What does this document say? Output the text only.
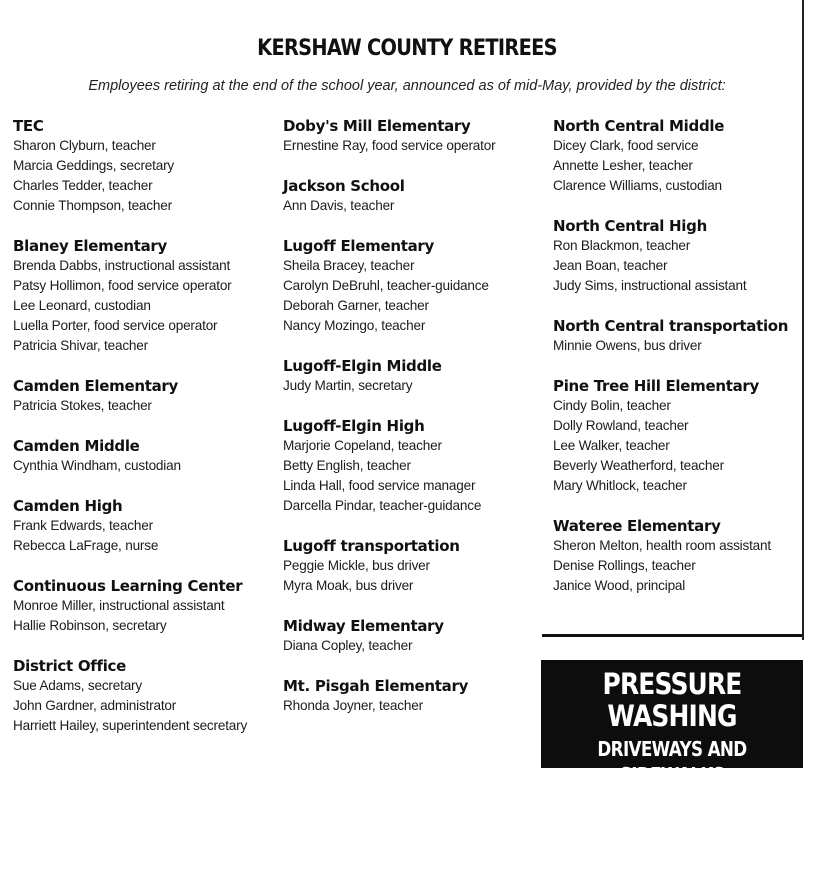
KERSHAW COUNTY RETIREES
Employees retiring at the end of the school year, announced as of mid-May, provided by the district:
TEC
Sharon Clyburn, teacher
Marcia Geddings, secretary
Charles Tedder, teacher
Connie Thompson, teacher
Blaney Elementary
Brenda Dabbs, instructional assistant
Patsy Hollimon, food service operator
Lee Leonard, custodian
Luella Porter, food service operator
Patricia Shivar, teacher
Camden Elementary
Patricia Stokes, teacher
Camden Middle
Cynthia Windham, custodian
Camden High
Frank Edwards, teacher
Rebecca LaFrage, nurse
Continuous Learning Center
Monroe Miller, instructional assistant
Hallie Robinson, secretary
District Office
Sue Adams, secretary
John Gardner, administrator
Harriett Hailey, superintendent secretary
Doby's Mill Elementary
Ernestine Ray, food service operator
Jackson School
Ann Davis, teacher
Lugoff Elementary
Sheila Bracey, teacher
Carolyn DeBruhl, teacher-guidance
Deborah Garner, teacher
Nancy Mozingo, teacher
Lugoff-Elgin Middle
Judy Martin, secretary
Lugoff-Elgin High
Marjorie Copeland, teacher
Betty English, teacher
Linda Hall, food service manager
Darcella Pindar, teacher-guidance
Lugoff transportation
Peggie Mickle, bus driver
Myra Moak, bus driver
Midway Elementary
Diana Copley, teacher
Mt. Pisgah Elementary
Rhonda Joyner, teacher
North Central Middle
Dicey Clark, food service
Annette Lesher, teacher
Clarence Williams, custodian
North Central High
Ron Blackmon, teacher
Jean Boan, teacher
Judy Sims, instructional assistant
North Central transportation
Minnie Owens, bus driver
Pine Tree Hill Elementary
Cindy Bolin, teacher
Dolly Rowland, teacher
Lee Walker, teacher
Beverly Weatherford, teacher
Mary Whitlock, teacher
Wateree Elementary
Sheron Melton, health room assistant
Denise Rollings, teacher
Janice Wood, principal
PRESSURE WASHING
DRIVEWAYS AND SIDEWALKS
CALL 730-8592
